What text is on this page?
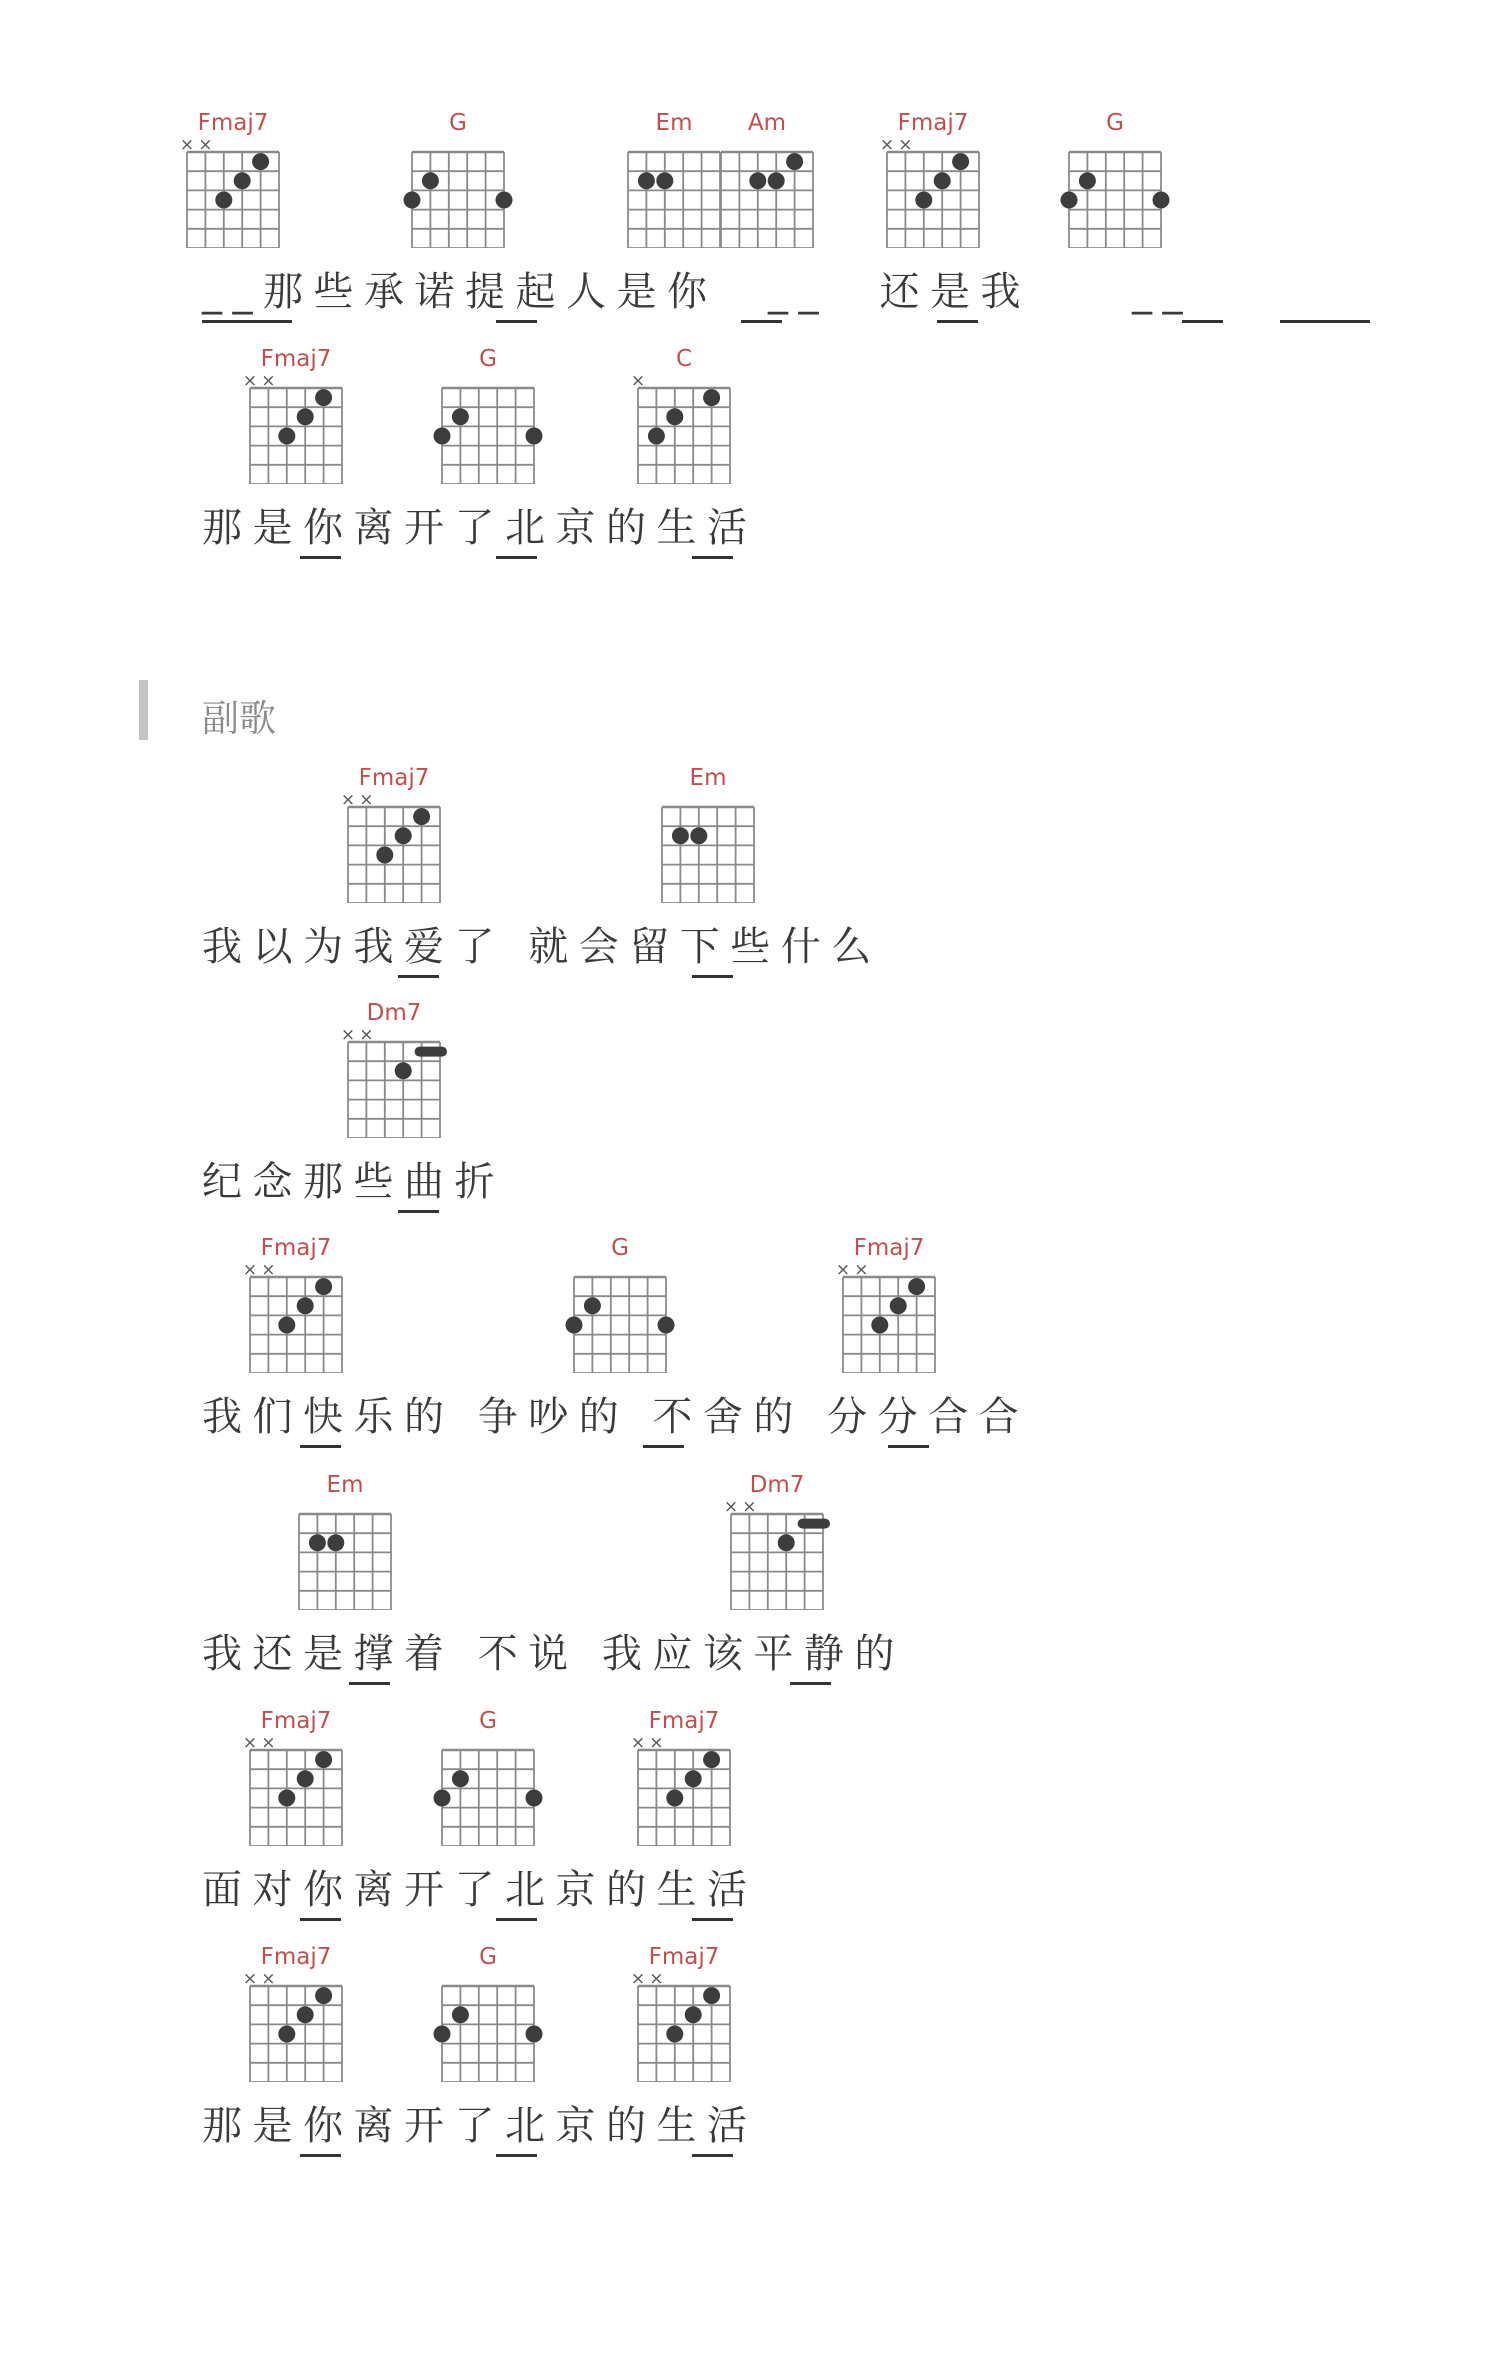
副歌
__那些承诺提起人是你　__　还是我　　__
Fmaj7
× ×
G	Em Am	Fmaj7
× ×
G
那是你离开了北京的生活
Fmaj7
× ×
G	C
×
我以为我爱了 就会留下些什么
Fmaj7
× ×
Em
纪念那些曲折
Dm7
× ×
我们快乐的 争吵的 不舍的 分分合合
Fmaj7
× ×
G	Fmaj7
× ×
我还是撑着 不说 我应该平静的
Em	Dm7
× ×
面对你离开了北京的生活
Fmaj7
× ×
G	Fmaj7
× ×
那是你离开了北京的生活
Fmaj7
× ×
G	Fmaj7
× ×
